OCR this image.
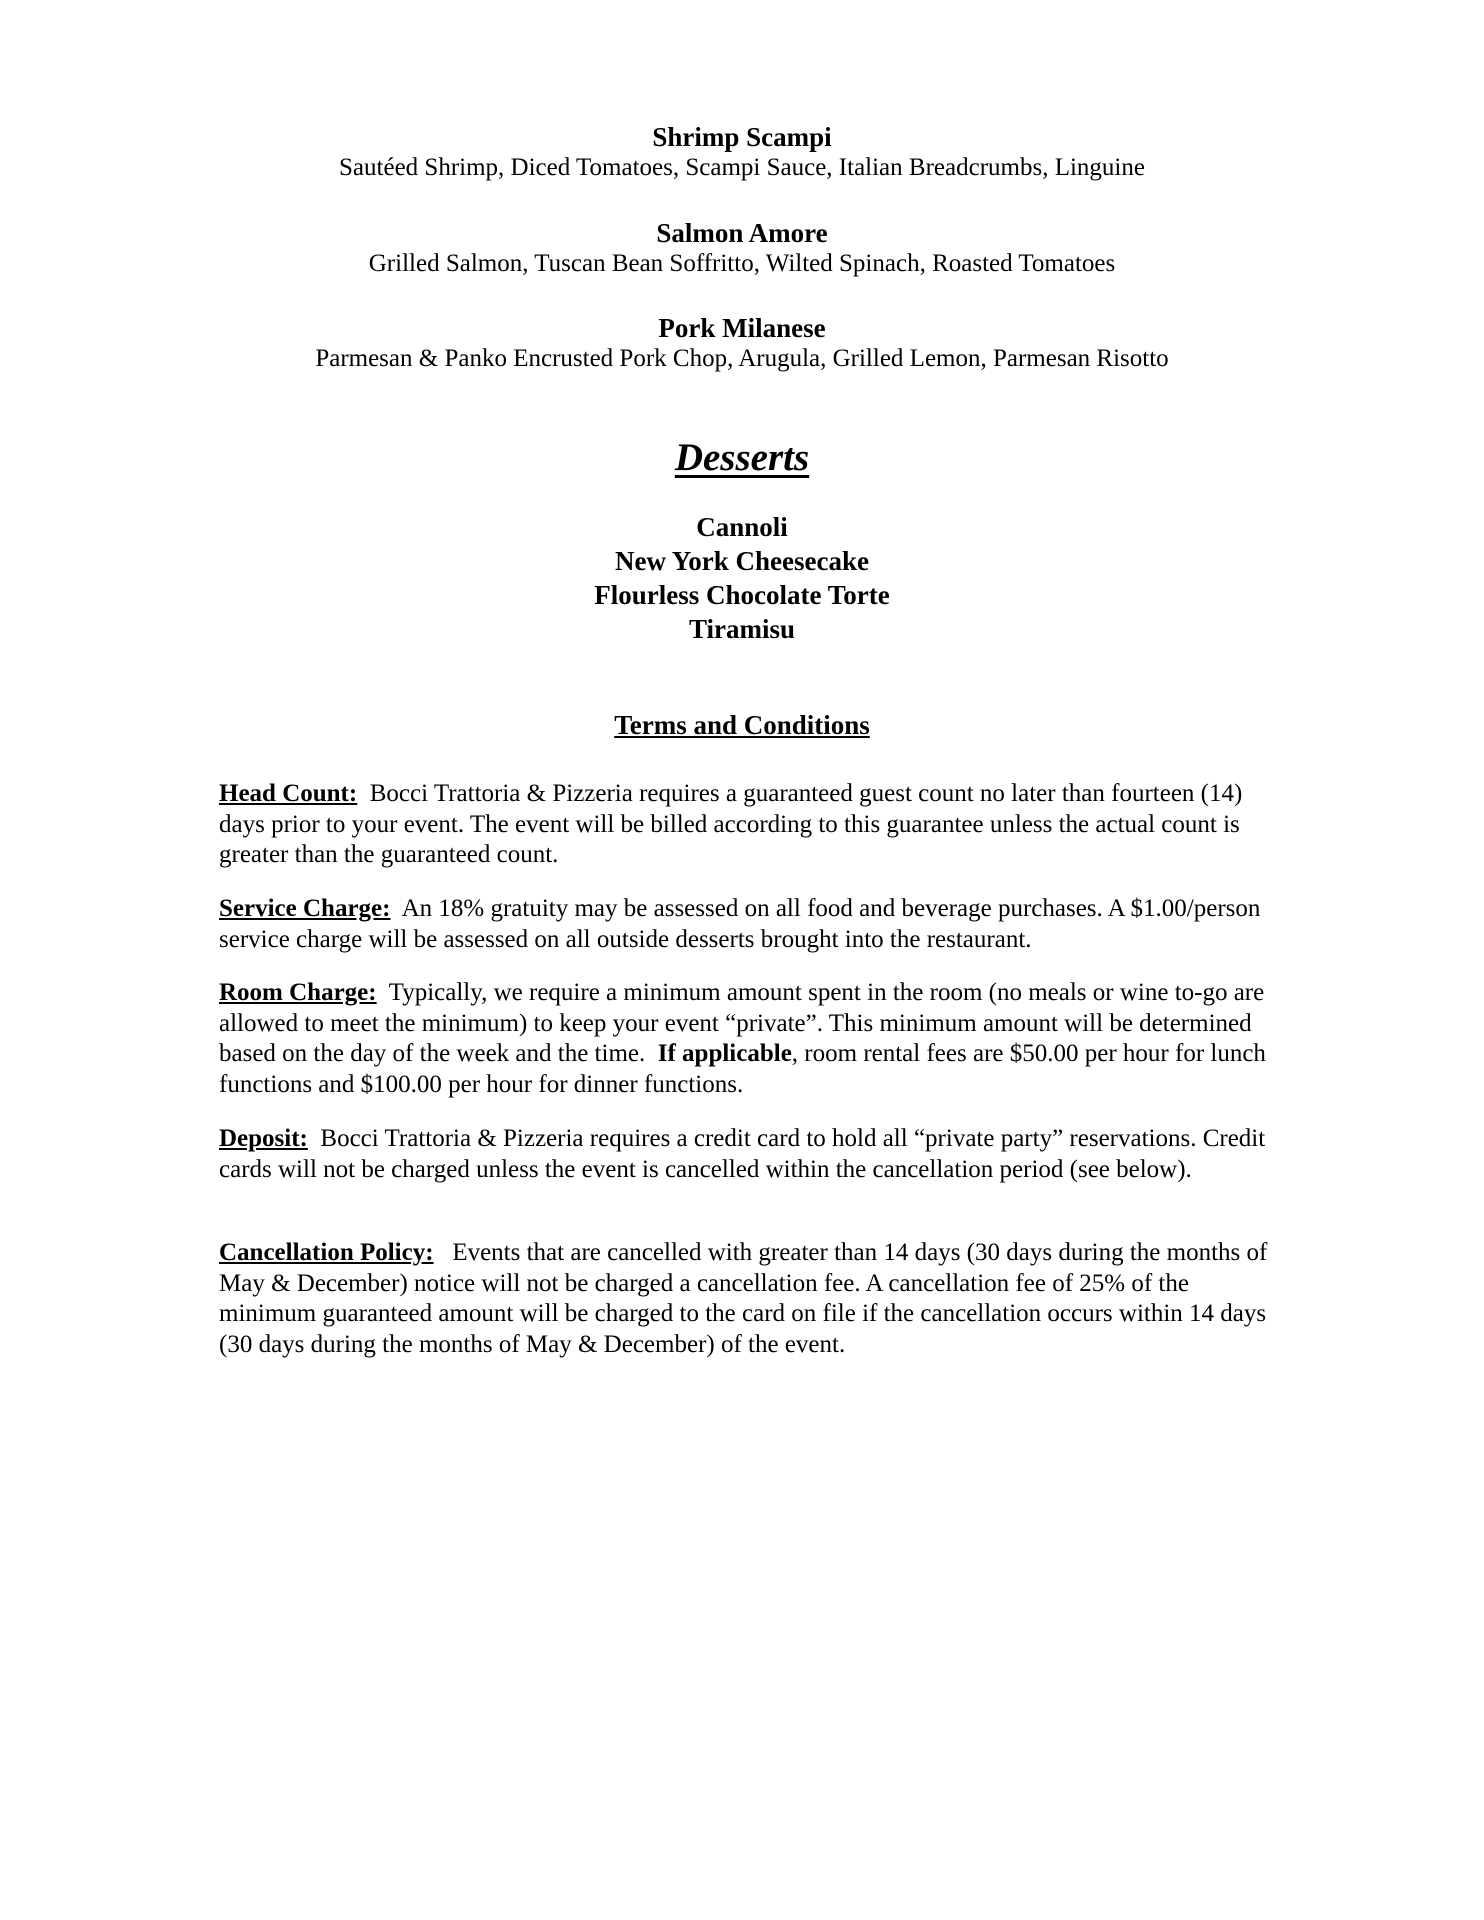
Shrimp Scampi
Sautéed Shrimp, Diced Tomatoes, Scampi Sauce, Italian Breadcrumbs, Linguine
Salmon Amore
Grilled Salmon, Tuscan Bean Soffritto, Wilted Spinach, Roasted Tomatoes
Pork Milanese
Parmesan & Panko Encrusted Pork Chop, Arugula, Grilled Lemon, Parmesan Risotto
Desserts
Cannoli
New York Cheesecake
Flourless Chocolate Torte
Tiramisu
Terms and Conditions

Head Count: Bocci Trattoria & Pizzeria requires a guaranteed guest count no later than fourteen (14) days prior to your event. The event will be billed according to this guarantee unless the actual count is greater than the guaranteed count.

Service Charge: An 18% gratuity may be assessed on all food and beverage purchases. A $1.00/person service charge will be assessed on all outside desserts brought into the restaurant.

Room Charge: Typically, we require a minimum amount spent in the room (no meals or wine to-go are allowed to meet the minimum) to keep your event “private”. This minimum amount will be determined based on the day of the week and the time. If applicable, room rental fees are $50.00 per hour for lunch functions and $100.00 per hour for dinner functions.

Deposit: Bocci Trattoria & Pizzeria requires a credit card to hold all “private party” reservations. Credit cards will not be charged unless the event is cancelled within the cancellation period (see below).

Cancellation Policy: Events that are cancelled with greater than 14 days (30 days during the months of May & December) notice will not be charged a cancellation fee. A cancellation fee of 25% of the minimum guaranteed amount will be charged to the card on file if the cancellation occurs within 14 days (30 days during the months of May & December) of the event.
